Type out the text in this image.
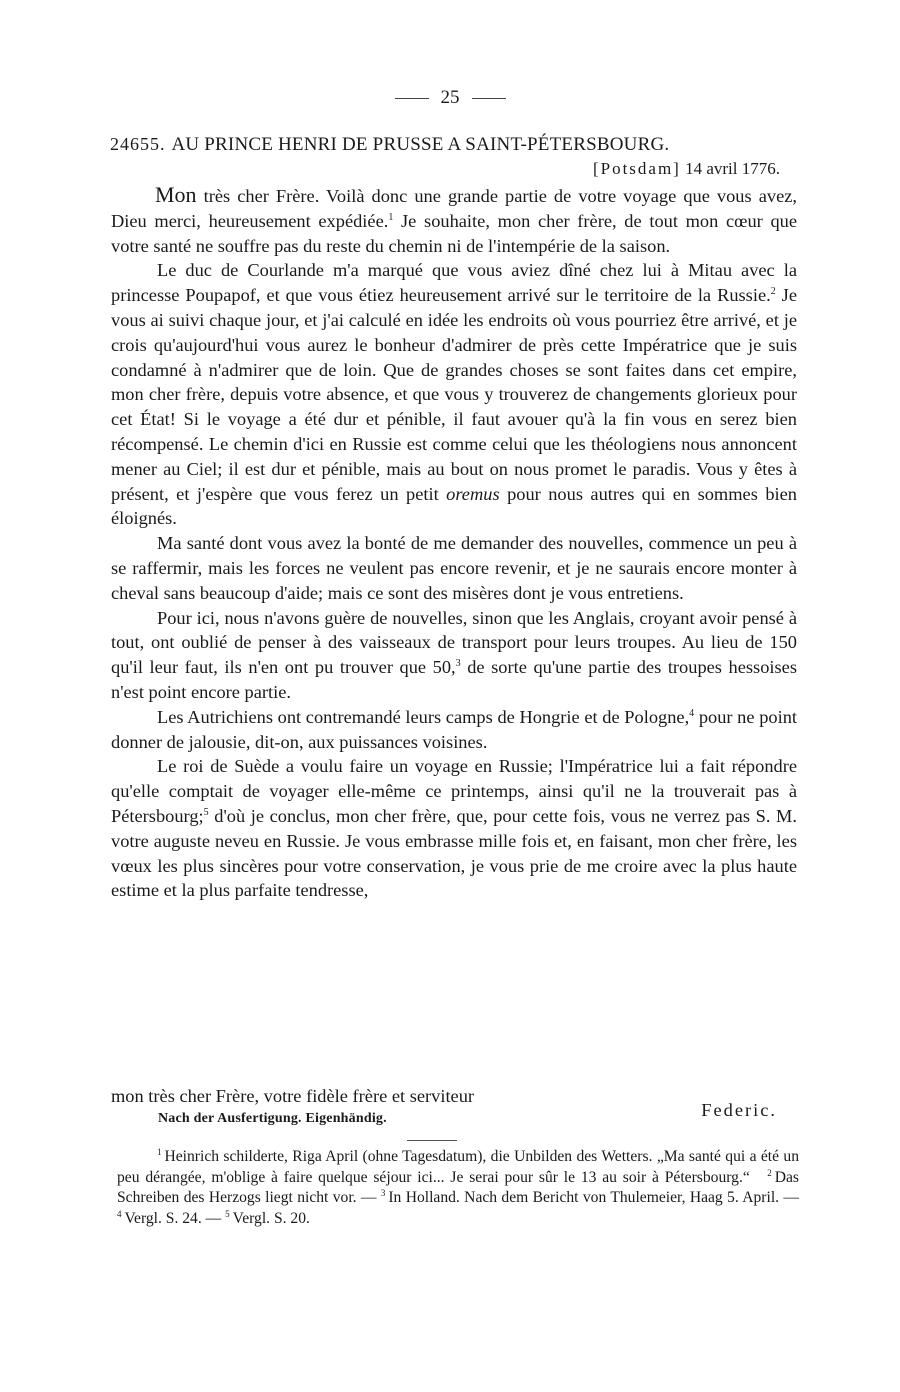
25
24655. AU PRINCE HENRI DE PRUSSE A SAINT-PÉTERSBOURG.
[Potsdam] 14 avril 1776.

Mon très cher Frère. Voilà donc une grande partie de votre voyage que vous avez, Dieu merci, heureusement expédiée.$^1$ Je souhaite, mon cher frère, de tout mon cœur que votre santé ne souffre pas du reste du chemin ni de l'intempérie de la saison.

Le duc de Courlande m'a marqué que vous aviez dîné chez lui à Mitau avec la princesse Poupapof, et que vous étiez heureusement arrivé sur le territoire de la Russie.$^2$ Je vous ai suivi chaque jour, et j'ai calculé en idée les endroits où vous pourriez être arrivé, et je crois qu'aujourd'hui vous aurez le bonheur d'admirer de près cette Impératrice que je suis condamné à n'admirer que de loin. Que de grandes choses se sont faites dans cet empire, mon cher frère, depuis votre absence, et que vous y trouverez de changements glorieux pour cet État! Si le voyage a été dur et pénible, il faut avouer qu'à la fin vous en serez bien récompensé. Le chemin d'ici en Russie est comme celui que les théologiens nous annoncent mener au Ciel; il est dur et pénible, mais au bout on nous promet le paradis. Vous y êtes à présent, et j'espère que vous ferez un petit oremus pour nous autres qui en sommes bien éloignés.

Ma santé dont vous avez la bonté de me demander des nouvelles, commence un peu à se raffermir, mais les forces ne veulent pas encore revenir, et je ne saurais encore monter à cheval sans beaucoup d'aide; mais ce sont des misères dont je vous entretiens.

Pour ici, nous n'avons guère de nouvelles, sinon que les Anglais, croyant avoir pensé à tout, ont oublié de penser à des vaisseaux de transport pour leurs troupes. Au lieu de 150 qu'il leur faut, ils n'en ont pu trouver que 50,$^3$ de sorte qu'une partie des troupes hessoises n'est point encore partie.

Les Autrichiens ont contremandé leurs camps de Hongrie et de Pologne,$^4$ pour ne point donner de jalousie, dit-on, aux puissances voisines.

Le roi de Suède a voulu faire un voyage en Russie; l'Impératrice lui a fait répondre qu'elle comptait de voyager elle-même ce printemps, ainsi qu'il ne la trouverait pas à Pétersbourg;$^5$ d'où je conclus, mon cher frère, que, pour cette fois, vous ne verrez pas S. M. votre auguste neveu en Russie. Je vous embrasse mille fois et, en faisant, mon cher frère, les vœux les plus sincères pour votre conservation, je vous prie de me croire avec la plus haute estime et la plus parfaite tendresse,

mon très cher Frère, votre fidèle frère et serviteur
Federic.
Nach der Ausfertigung. Eigenhändig.

$^1$ Heinrich schilderte, Riga April (ohne Tagesdatum), die Unbilden des Wetters. „Ma santé qui a été un peu dérangée, m'oblige à faire quelque séjour ici... Je serai pour sûr le 13 au soir à Pétersbourg.“ $^2$ Das Schreiben des Herzogs liegt nicht vor. — $^3$ In Holland. Nach dem Bericht von Thulemeier, Haag 5. April. — $^4$ Vergl. S. 24. — $^5$ Vergl. S. 20.
